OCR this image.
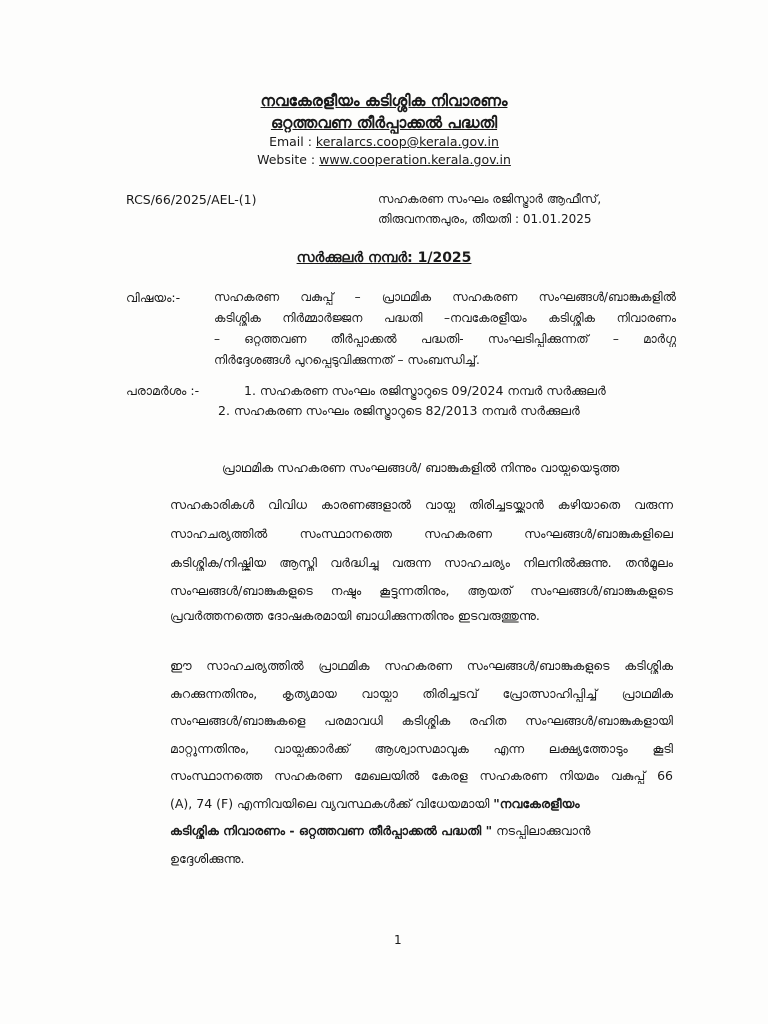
നവകേരളീയം കടിശ്ശിക നിവാരണം
ഒറ്റത്തവണ തീർപ്പാക്കൽ പദ്ധതി
Email : keralarcs.coop@kerala.gov.in
Website : www.cooperation.kerala.gov.in
RCS/66/2025/AEL-(1)	സഹകരണ സംഘം രജിസ്ട്രാർ ആഫീസ്,
തിരുവനന്തപുരം, തീയതി : 01.01.2025
സർക്കുലർ നമ്പർ: 1/2025
വിഷയം:-	സഹകരണ വകുപ്പ് – പ്രാഥമിക സഹകരണ സംഘങ്ങൾ/ബാങ്കുകളിൽ
കടിശ്ശിക നിർമ്മാർജ്ജന പദ്ധതി –നവകേരളീയം കടിശ്ശിക നിവാരണം
– ഒറ്റത്തവണ തീർപ്പാക്കൽ പദ്ധതി- സംഘടിപ്പിക്കുന്നത് – മാർഗ്ഗ
നിർദ്ദേശങ്ങൾ പുറപ്പെടുവിക്കുന്നത് – സംബന്ധിച്ച്.
പരാമർശം :-	1. സഹകരണ സംഘം രജിസ്ട്രാറുടെ 09/2024 നമ്പർ സർക്കുലർ
2. സഹകരണ സംഘം രജിസ്ട്രാറുടെ 82/2013 നമ്പർ സർക്കുലർ
പ്രാഥമിക സഹകരണ സംഘങ്ങൾ/ ബാങ്കുകളിൽ നിന്നും വായ്പയെടുത്ത
സഹകാരികൾ വിവിധ കാരണങ്ങളാൽ വായ്പ തിരിച്ചടയ്ക്കാൻ കഴിയാതെ വരുന്ന
സാഹചര്യത്തിൽ സംസ്ഥാനത്തെ സഹകരണ സംഘങ്ങൾ/ബാങ്കുകളിലെ
കടിശ്ശിക/നിഷ്ക്രിയ ആസ്തി വർദ്ധിച്ചു വരുന്ന സാഹചര്യം നിലനിൽക്കുന്നു. തൻമൂലം
സംഘങ്ങൾ/ബാങ്കുകളുടെ നഷ്ടം കൂട്ടുന്നതിനും, ആയത് സംഘങ്ങൾ/ബാങ്കുകളുടെ
പ്രവർത്തനത്തെ ദോഷകരമായി ബാധിക്കുന്നതിനും ഇടവരുത്തുന്നു.
ഈ സാഹചര്യത്തിൽ പ്രാഥമിക സഹകരണ സംഘങ്ങൾ/ബാങ്കുകളുടെ കടിശ്ശിക
കുറക്കുന്നതിനും, കൃത്യമായ വായ്പാ തിരിച്ചടവ് പ്രോത്സാഹിപ്പിച്ച് പ്രാഥമിക
സംഘങ്ങൾ/ബാങ്കുകളെ പരമാവധി കടിശ്ശിക രഹിത സംഘങ്ങൾ/ബാങ്കുകളായി
മാറ്റുന്നതിനും, വായ്പക്കാർക്ക് ആശ്വാസമാവുക എന്ന ലക്ഷ്യത്തോടും കൂടി
സംസ്ഥാനത്തെ സഹകരണ മേഖലയിൽ കേരള സഹകരണ നിയമം വകുപ്പ് 66
(A), 74 (F) എന്നിവയിലെ വ്യവസ്ഥകൾക്ക് വിധേയമായി "നവകേരളീയം
കടിശ്ശിക നിവാരണം - ഒറ്റത്തവണ തീർപ്പാക്കൽ പദ്ധതി " നടപ്പിലാക്കുവാൻ
ഉദ്ദേശിക്കുന്നു.
1
